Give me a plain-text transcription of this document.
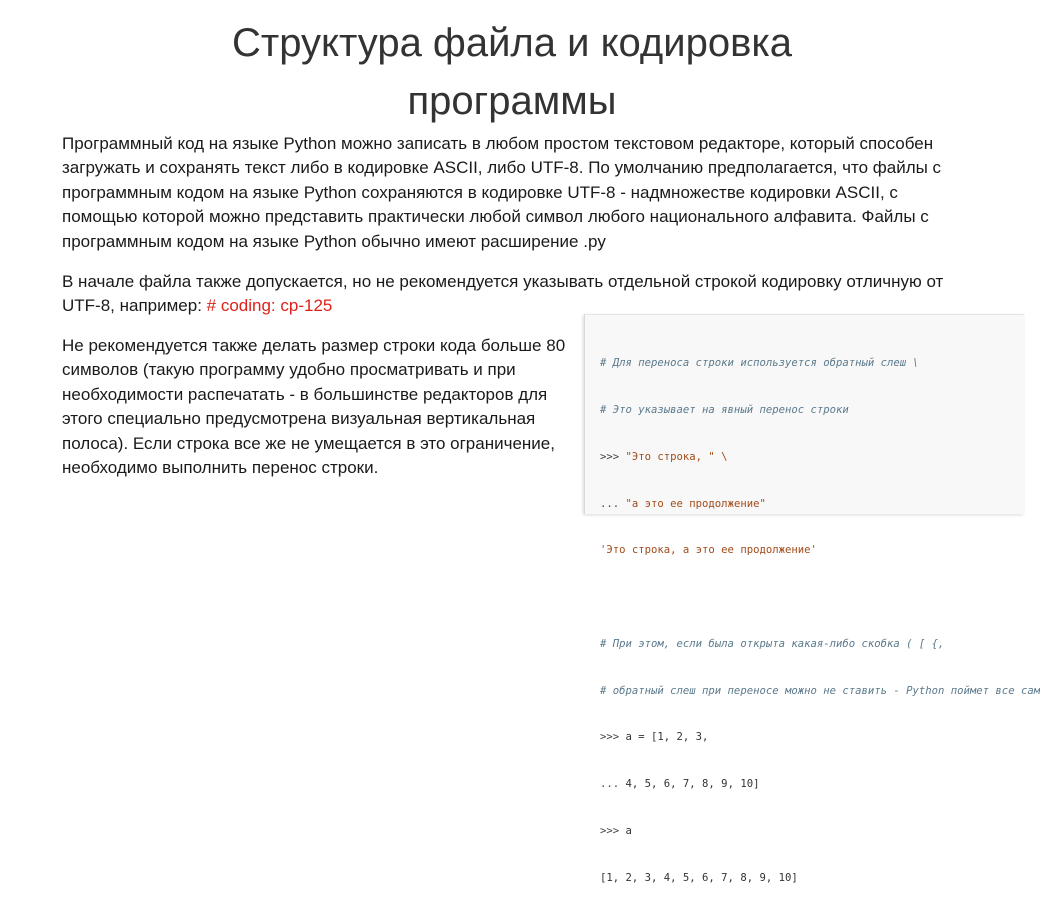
Структура файла и кодировка
программы
Программный код на языке Python можно записать в любом простом текстовом редакторе, который способен загружать и сохранять текст либо в кодировке ASCII, либо UTF-8. По умолчанию предполагается, что файлы с программным кодом на языке Python сохраняются в кодировке UTF-8 - надмножестве кодировки ASCII, с помощью которой можно представить практически любой символ любого национального алфавита. Файлы с программным кодом на языке Python обычно имеют расширение .py
В начале файла также допускается, но не рекомендуется указывать отдельной строкой кодировку отличную от UTF-8, например: # coding: cp-125
Не рекомендуется также делать размер строки кода больше 80 символов (такую программу удобно просматривать и при необходимости распечатать - в большинстве редакторов для этого специально предусмотрена визуальная вертикальная полоса). Если строка все же не умещается в это ограничение, необходимо выполнить перенос строки.

# Для переноса строки используется обратный слеш \

# Это указывает на явный перенос строки

>>> "Это строка, " \

... "а это ее продолжение"

'Это строка, а это ее продолжение'

# При этом, если была открыта какая-либо скобка ( [ {,

# обратный слеш при переносе можно не ставить - Python поймет все сам

>>> a = [1, 2, 3,

... 4, 5, 6, 7, 8, 9, 10]

>>> a

[1, 2, 3, 4, 5, 6, 7, 8, 9, 10]
